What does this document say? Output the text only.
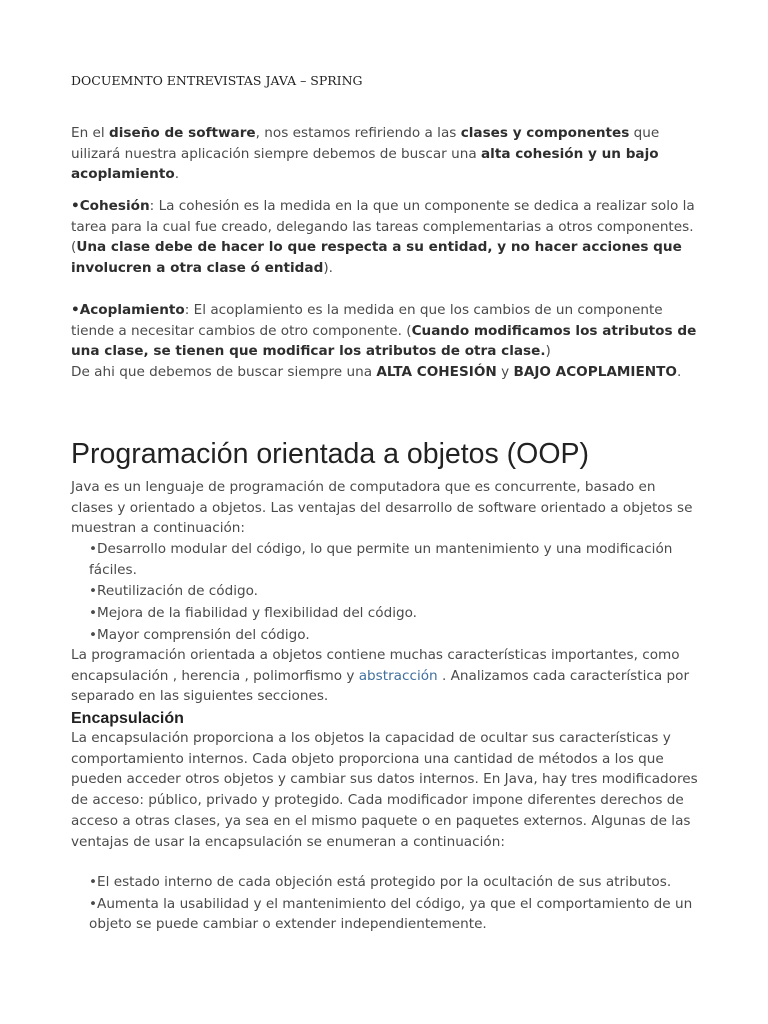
DOCUEMNTO ENTREVISTAS JAVA – SPRING

En el diseño de software, nos estamos refiriendo a las clases y componentes que uilizará nuestra aplicación siempre debemos de buscar una alta cohesión y un bajo acoplamiento.

•Cohesión: La cohesión es la medida en la que un componente se dedica a realizar solo la tarea para la cual fue creado, delegando las tareas complementarias a otros componentes. (Una clase debe de hacer lo que respecta a su entidad, y no hacer acciones que involucren a otra clase ó entidad).

•Acoplamiento: El acoplamiento es la medida en que los cambios de un componente tiende a necesitar cambios de otro componente. (Cuando modificamos los atributos de una clase, se tienen que modificar los atributos de otra clase.)
De ahi que debemos de buscar siempre una ALTA COHESIÓN y BAJO ACOPLAMIENTO.

Programación orientada a objetos (OOP)

Java es un lenguaje de programación de computadora que es concurrente, basado en clases y orientado a objetos. Las ventajas del desarrollo de software orientado a objetos se muestran a continuación:

•Desarrollo modular del código, lo que permite un mantenimiento y una modificación fáciles.
•Reutilización de código.
•Mejora de la fiabilidad y flexibilidad del código.
•Mayor comprensión del código.

La programación orientada a objetos contiene muchas características importantes, como encapsulación , herencia , polimorfismo y abstracción . Analizamos cada característica por separado en las siguientes secciones.

Encapsulación

La encapsulación proporciona a los objetos la capacidad de ocultar sus características y comportamiento internos. Cada objeto proporciona una cantidad de métodos a los que pueden acceder otros objetos y cambiar sus datos internos. En Java, hay tres modificadores de acceso: público, privado y protegido. Cada modificador impone diferentes derechos de acceso a otras clases, ya sea en el mismo paquete o en paquetes externos. Algunas de las ventajas de usar la encapsulación se enumeran a continuación:

•El estado interno de cada objeción está protegido por la ocultación de sus atributos.
•Aumenta la usabilidad y el mantenimiento del código, ya que el comportamiento de un objeto se puede cambiar o extender independientemente.
